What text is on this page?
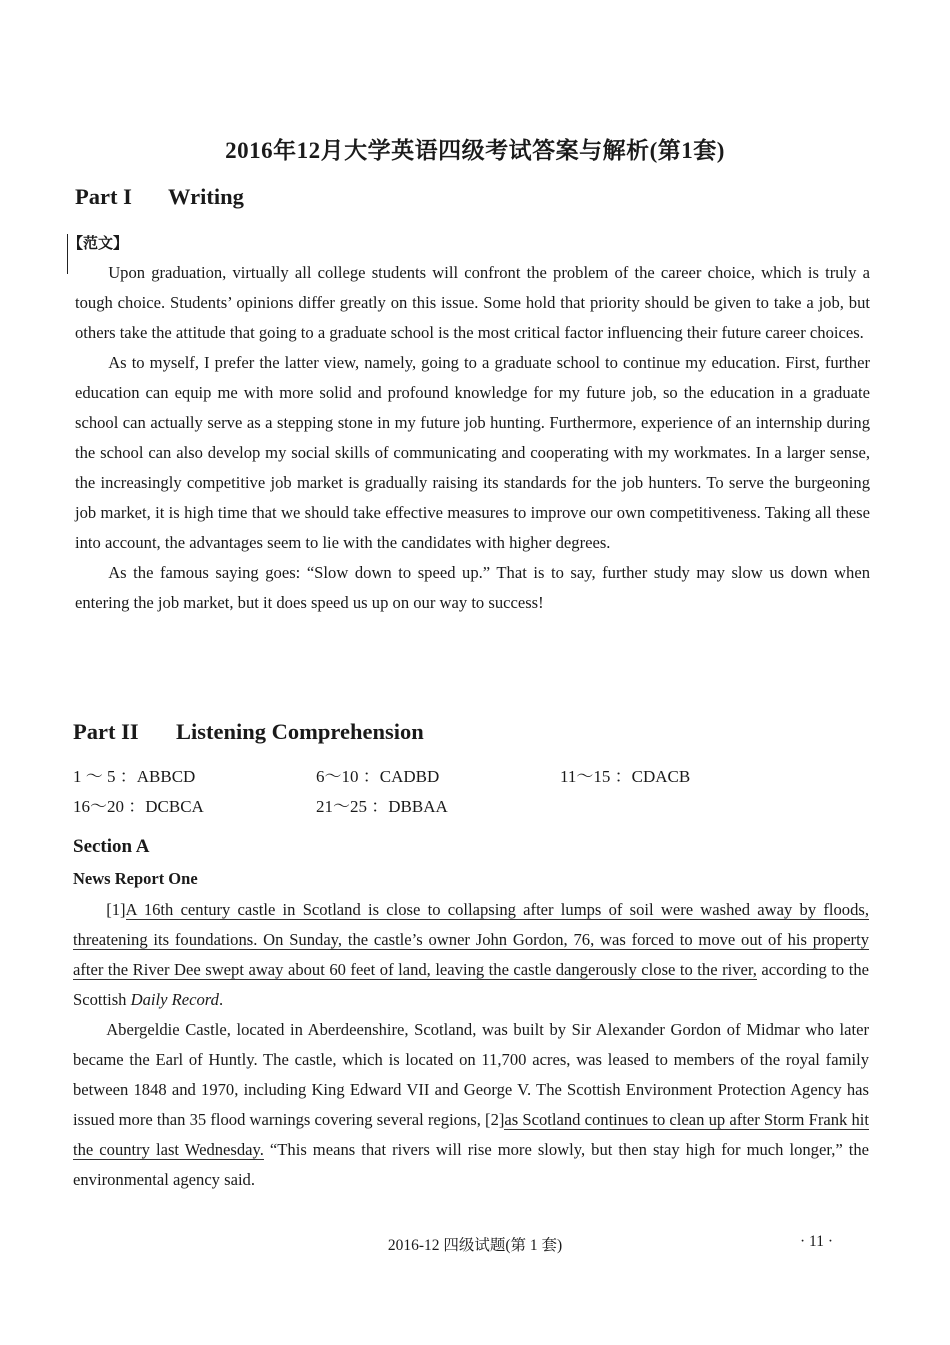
2016年12月大学英语四级考试答案与解析(第1套)
Part I Writing
【范文】

Upon graduation, virtually all college students will confront the problem of the career choice, which is truly a tough choice. Students’ opinions differ greatly on this issue. Some hold that priority should be given to take a job, but others take the attitude that going to a graduate school is the most critical factor influencing their future career choices.

As to myself, I prefer the latter view, namely, going to a graduate school to continue my education. First, further education can equip me with more solid and profound knowledge for my future job, so the education in a graduate school can actually serve as a stepping stone in my future job hunting. Furthermore, experience of an internship during the school can also develop my social skills of communicating and cooperating with my workmates. In a larger sense, the increasingly competitive job market is gradually raising its standards for the job hunters. To serve the burgeoning job market, it is high time that we should take effective measures to improve our own competitiveness. Taking all these into account, the advantages seem to lie with the candidates with higher degrees.

As the famous saying goes: “Slow down to speed up.” That is to say, further study may slow us down when entering the job market, but it does speed us up on our way to success!

Part II Listening Comprehension
1 ～ 5 ：ABBCD	6～10 ：CADBD	11～15 ：CDACB
16～20 ：DCBCA	21～25 ：DBBAA
Section A
News Report One

[1]A 16th century castle in Scotland is close to collapsing after lumps of soil were washed away by floods, threatening its foundations. On Sunday, the castle’s owner John Gordon, 76, was forced to move out of his property after the River Dee swept away about 60 feet of land, leaving the castle dangerously close to the river, according to the Scottish Daily Record.

Abergeldie Castle, located in Aberdeenshire, Scotland, was built by Sir Alexander Gordon of Midmar who later became the Earl of Huntly. The castle, which is located on 11,700 acres, was leased to members of the royal family between 1848 and 1970, including King Edward VII and George V. The Scottish Environment Protection Agency has issued more than 35 flood warnings covering several regions, [2]as Scotland continues to clean up after Storm Frank hit the country last Wednesday. “This means that rivers will rise more slowly, but then stay high for much longer,” the environmental agency said.

2016-12 四级试题(第 1 套)	· 11 ·
